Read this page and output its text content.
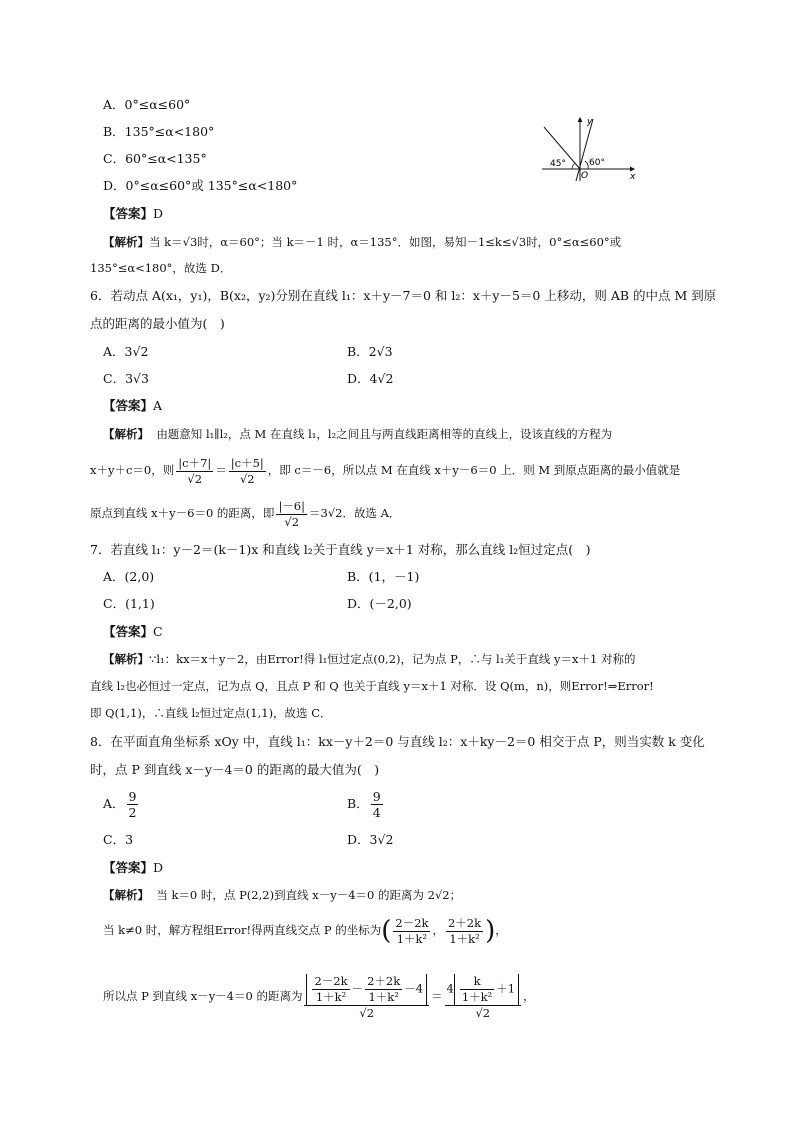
A．0°≤α≤60°
B．135°≤α<180°
C．60°≤α<135°
D．0°≤α≤60°或 135°≤α<180°
45°	60°
O
y
x
【答案】D
【解析】当 k＝√3时，α＝60°；当 k＝－1 时，α＝135°．如图，易知－1≤k≤√3时，0°≤α≤60°或
135°≤α<180°，故选 D．
6．若动点 A(x₁，y₁)，B(x₂，y₂)分别在直线 l₁：x＋y－7＝0 和 l₂：x＋y－5＝0 上移动，则 AB 的中点 M 到原
点的距离的最小值为(　)
A．3√2	B．2√3
C．3√3	D．4√2
【答案】A
【解析】 由题意知 l₁∥l₂，点 M 在直线 l₁，l₂之间且与两直线距离相等的直线上，设该直线的方程为
x＋y＋c＝0，则 $\frac{|c+7|}{√2} = \frac{|c+5|}{√2}$ ，即 c＝－6，所以点 M 在直线 x＋y－6＝0 上．则 M 到原点距离的最小值就是
原点到直线 x＋y－6＝0 的距离，即 $\frac{|-6|}{√2} =3√2$．故选 A．
7．若直线 l₁：y－2＝(k－1)x 和直线 l₂关于直线 y＝x＋1 对称，那么直线 l₂恒过定点(　)
A．(2,0)	B．(1，－1)
C．(1,1)	D．(－2,0)
【答案】C
【解析】∵l₁：kx＝x＋y－2，由Error!得 l₁恒过定点(0,2)，记为点 P，∴与 l₁关于直线 y＝x＋1 对称的
直线 l₂也必恒过一定点，记为点 Q，且点 P 和 Q 也关于直线 y＝x＋1 对称．设 Q(m，n)，则Error!⇒Error!
即 Q(1,1)，∴直线 l₂恒过定点(1,1)，故选 C．
8．在平面直角坐标系 xOy 中，直线 l₁：kx－y＋2＝0 与直线 l₂：x＋ky－2＝0 相交于点 P，则当实数 k 变化
时，点 P 到直线 x－y－4＝0 的距离的最大值为(　)
A． $\frac{9}{2}$	B． $\frac{9}{4}$
C．3	D．3√2
【答案】D
【解析】 当 k＝0 时，点 P(2,2)到直线 x－y－4＝0 的距离为 2√2；
当 k≠0 时，解方程组Error!得两直线交点 P 的坐标为( $\frac{2-2k}{\text{1＋k²}}$ ， $\frac{2+2k}{\text{1＋k²}}$ )，
所以点 P 到直线 x－y－4＝0 的距离为 $\frac{\frac{2-2k}{\text{1＋k²}} - \frac{2+2k}{\text{1＋k²}} -4}{√2} = \frac{4 \frac{k}{\text{1＋k²}} +1}{√2}$ ，
